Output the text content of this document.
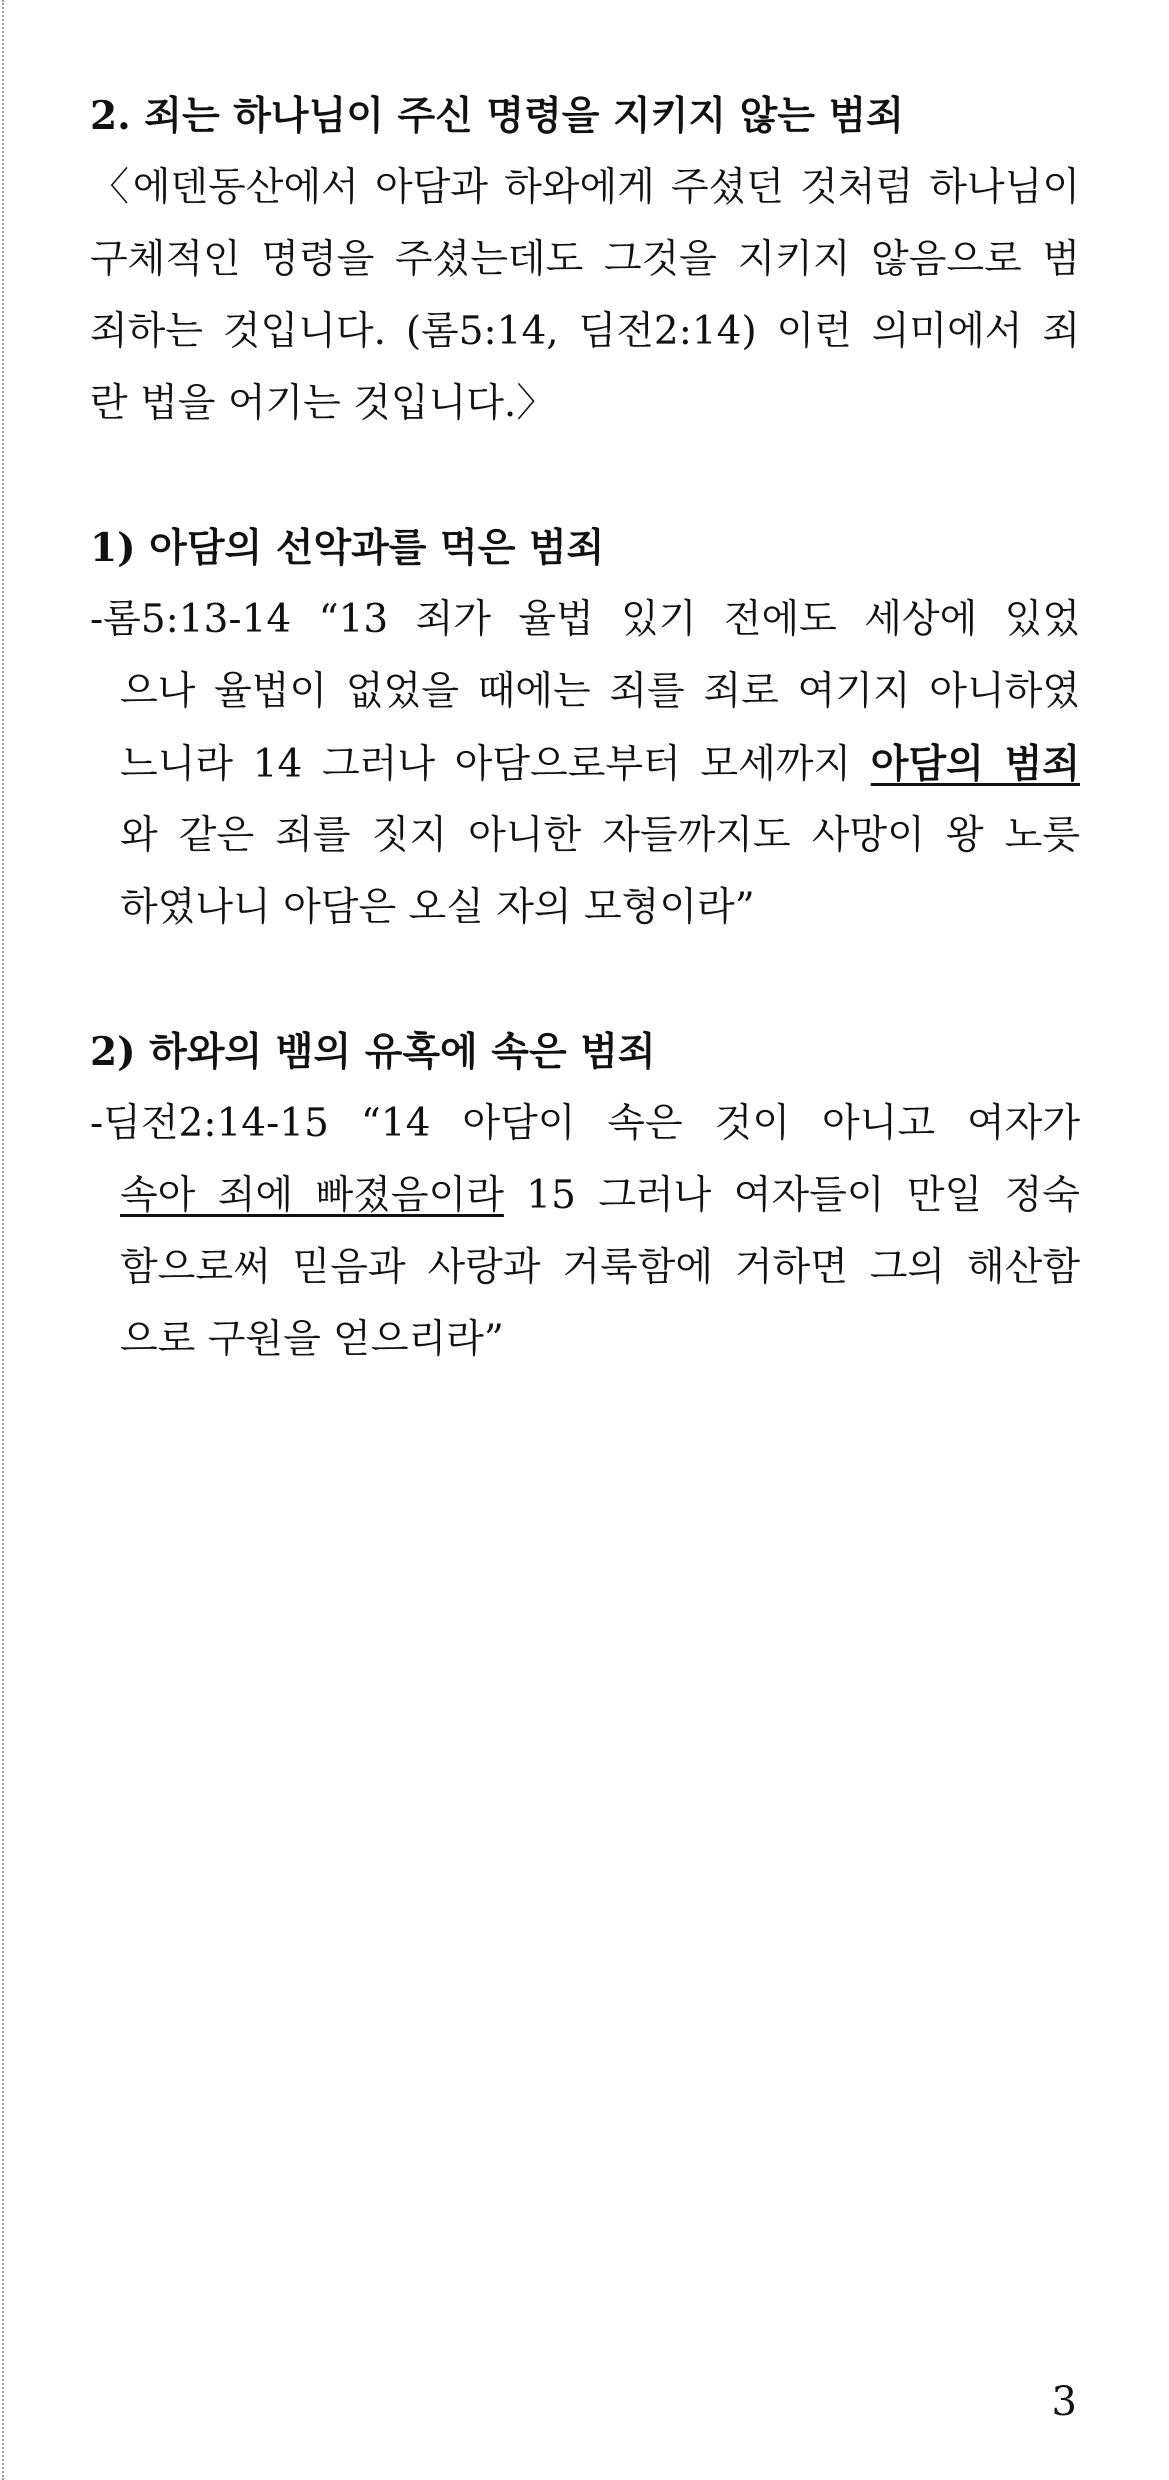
2. 죄는 하나님이 주신 명령을 지키지 않는 범죄
〈에덴동산에서 아담과 하와에게 주셨던 것처럼 하나님이
구체적인 명령을 주셨는데도 그것을 지키지 않음으로 범
죄하는 것입니다. (롬5:14, 딤전2:14) 이런 의미에서 죄
란 법을 어기는 것입니다.〉
1) 아담의 선악과를 먹은 범죄
-롬5:13-14 “13 죄가 율법 있기 전에도 세상에 있었
으나 율법이 없었을 때에는 죄를 죄로 여기지 아니하였
느니라 14 그러나 아담으로부터 모세까지 아담의 범죄
와 같은 죄를 짓지 아니한 자들까지도 사망이 왕 노릇
하였나니 아담은 오실 자의 모형이라”
2) 하와의 뱀의 유혹에 속은 범죄
-딤전2:14-15 “14 아담이 속은 것이 아니고 여자가
속아 죄에 빠졌음이라 15 그러나 여자들이 만일 정숙
함으로써 믿음과 사랑과 거룩함에 거하면 그의 해산함
으로 구원을 얻으리라”
3
